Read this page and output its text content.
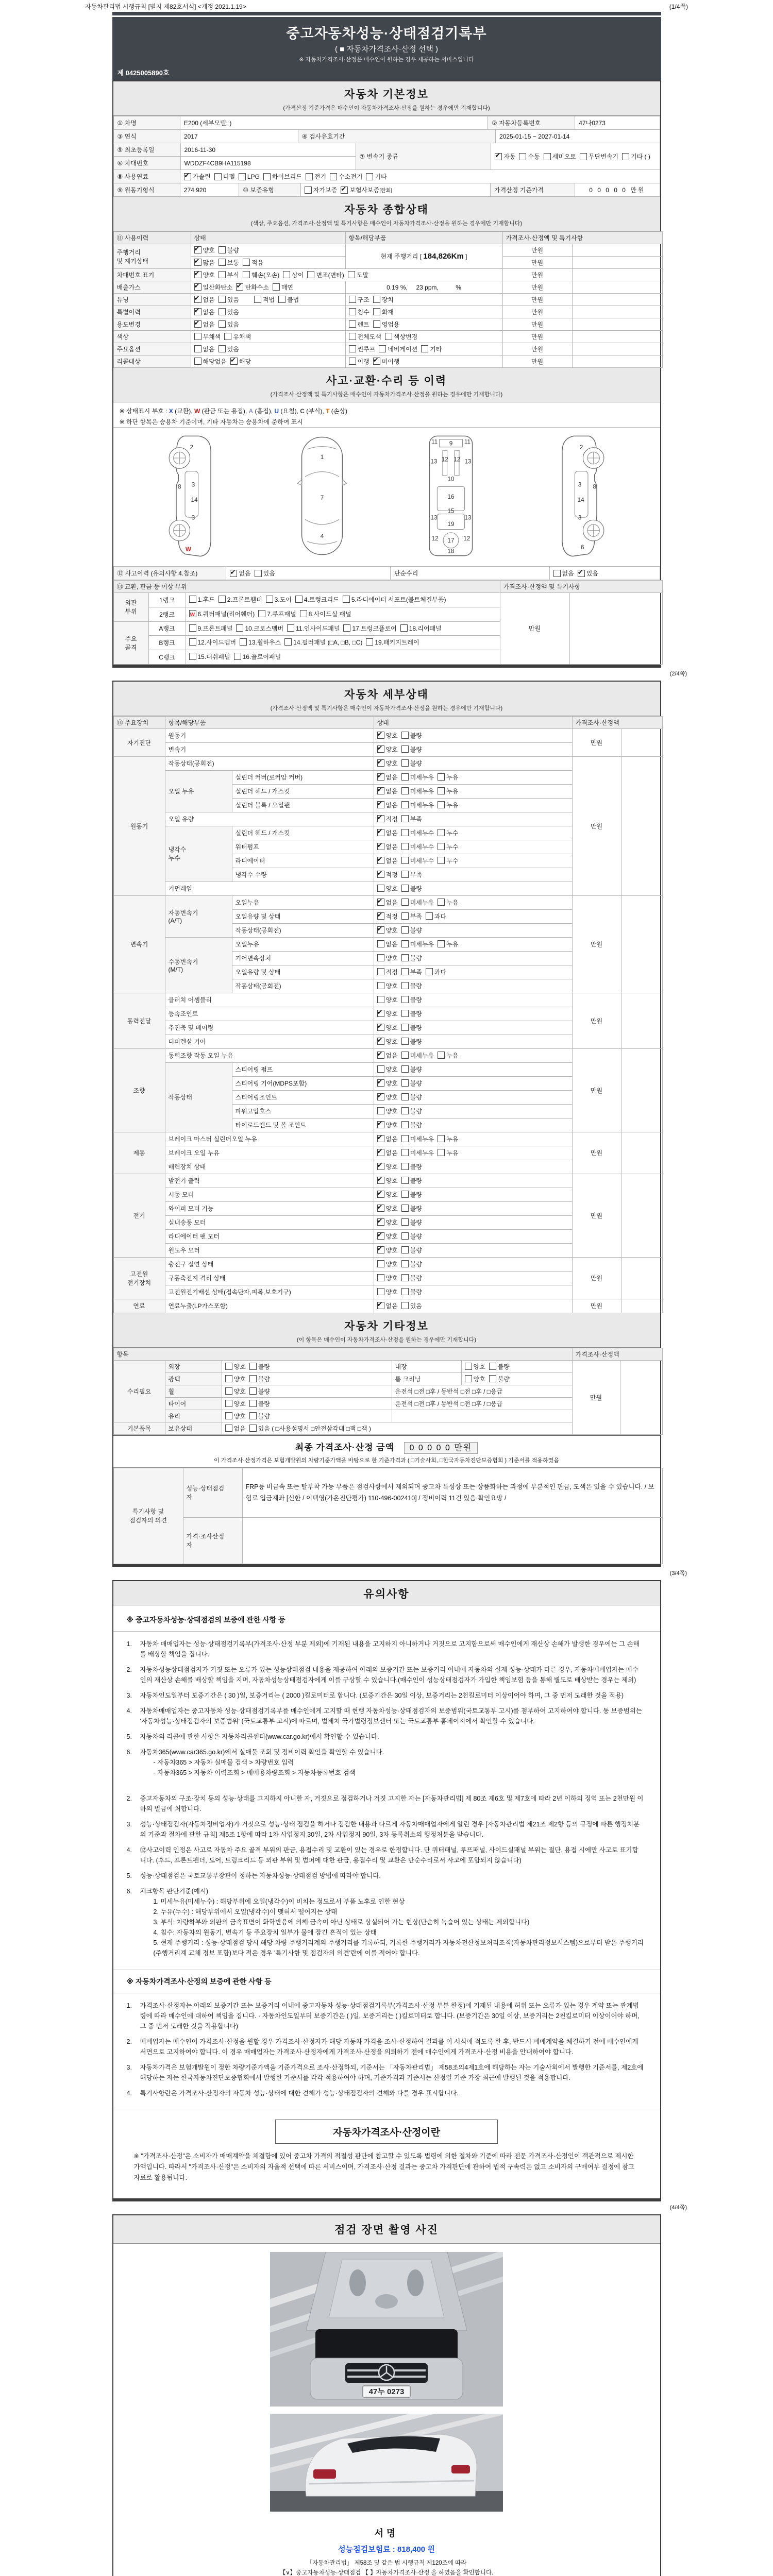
자동차관리법 시행규칙 [별지 제82호서식] <개정 2021.1.19>	(1/4쪽)
중고자동차성능·상태점검기록부
( ■ 자동차가격조사·산정 선택 )
※ 자동차가격조사·산정은 매수인이 원하는 경우 제공하는 서비스입니다
제 0425005890호
자동차 기본정보
(가격산정 기준가격은 매수인이 자동차가격조사·산정을 원하는 경우에만 기재합니다)
① 차명	E200 (세부모델: )	② 자동차등록번호	47나0273
③ 연식	2017	④ 검사유효기간	2025-01-15 ~ 2027-01-14
⑤ 최초등록일	2016-11-30
⑥ 차대번호	WDDZF4CB9HA115198
⑦ 변속기 종류 ✔	자동 수동 세미오토 무단변속기 기타 ( )
⑧ 사용연료 ✔	가솔린 디젤 LPG 하이브리드 전기 수소전기 기타
⑨ 원동기형식	274 920	⑩ 보증유형	자가보증 ✔ 보험사보증 [한회]	가격산정 기준가격	0 0 0 0 0 만원
자동차 종합상태
(색상, 주요옵션, 가격조사·산정액 및 특기사항은 매수인이 자동차가격조사·산정을 원하는 경우에만 기재합니다)
⑪ 사용이력	상태	항목/해당부품	가격조사·산정액 및 특기사항	
주행거리
및 계기상태	✔양호 불량	현재 주행거리 [ 184,826Km ]	만원	
✔많음 보통 적음		만원	
차대번호 표기	✔양호 부식 훼손(오손) 상이 변조(변타) 도말		만원	
배출가스	✔일산화탄소 ✔ 탄화수소 매연	0.19 %,     23 ppm,          %	만원	
튜닝	✔없음 있음 적법 불법	구조 장치	만원	
특별이력	✔없음 있음	침수 화재	만원	
용도변경	✔없음 있음	렌트 영업용	만원	
색상	무채색 유채색	전체도색 색상변경	만원	
주요옵션	없음 있음	썬루프 네비게이션 기타	만원	
리콜대상	해당없음 ✔ 해당	이행 ✔ 미이행	만원	
사고·교환·수리 등 이력
(가격조사·산정액 및 특기사항은 매수인이 자동차가격조사·산정을 원하는 경우에만 기재합니다)
※ 상태표시 부호 : X (교환), W (판금 또는 용접), A (흠집), U (요철), C (부식), T (손상)
※ 하단 항목은 승용차 기준이며, 기타 자동차는 승용차에 준하여 표시
2
8 3
14
3
W
1
7
4
9
11	11
13	13
12 12
10
16
15
13	13
19
12	12
17
18
2
8
3
14
3
6
⑫ 사고이력 (유의사항 4.참조) ✔	없음 있음	단순수리	없음 ✔ 있음
⑬ 교환, 판금 등 이상 부위			가격조사·산정액 및 특기사항	
외판
부위	1랭크	1.후드 2.프론트휀더 3.도어 4.트렁크리드 5.라디에이터 서포트(볼트체결부품)	만원	
	2랭크	W6.쿼터패널(리어휀더) 7.루프패널 8.사이드실 패널
주요
골격	A랭크	9.프론트패널 10.크로스멤버 11.인사이드패널 17.트렁크플로어 18.리어패널		
	B랭크	12.사이드멤버 13.휠하우스 14.필러패널 (□A, □B, □C) 19.패키지트레이		
	C랭크	15.대쉬패널 16.플로어패널		
(2/4쪽)
자동차 세부상태
(가격조사·산정액 및 특기사항은 매수인이 자동차가격조사·산정을 원하는 경우에만 기재합니다)
⑭ 주요장치	항목/해당부품		상태	가격조사·산정액	
자기진단	원동기	✔양호 불량	만원	
	변속기	✔양호 불량
원동기	작동상태(공회전)	✔양호 불량	만원	
	오일 누유	실린더 커버(로커암 커버)	✔없음 미세누유 누유
		실린더 헤드 / 개스킷	✔없음 미세누유 누유
		실린더 블록 / 오일팬	✔없음 미세누유 누유
	오일 유량	✔적정 부족
	냉각수
누수	실린더 헤드 / 개스킷	✔없음 미세누수 누수
		워터펌프	✔없음 미세누수 누수
		라디에이터	✔없음 미세누수 누수
		냉각수 수량	✔적정 부족
	커먼레일		양호 불량		
변속기	자동변속기
(A/T)	오일누유	✔없음 미세누유 누유	만원	
		오일유량 및 상태	✔적정 부족 과다
		작동상태(공회전)	✔양호 불량
	수동변속기
(M/T)	오일누유	없음 미세누유 누유		
		기어변속장치	양호 불량		
		오일유량 및 상태	적정 부족 과다		
		작동상태(공회전)	양호 불량		
동력전달	클러치 어셈블리		양호 불량	만원	
	등속조인트	✔양호 불량
	추진축 및 베어링	✔양호 불량
	디퍼렌셜 기어	✔양호 불량
조향	동력조향 작동 오일 누유	✔없음 미세누유 누유	만원	
	작동상태	스티어링 펌프	양호 불량		
		스티어링 기어(MDPS포함)	✔양호 불량
		스티어링조인트	✔양호 불량
		파워고압호스	양호 불량		
		타이로드엔드 및 볼 조인트	✔양호 불량
제동	브레이크 마스터 실린더오일 누유	✔없음 미세누유 누유	만원	
	브레이크 오일 누유	✔없음 미세누유 누유
	배력장치 상태	✔양호 불량
전기	발전기 출력	✔양호 불량	만원	
	시동 모터	✔양호 불량
	와이퍼 모터 기능	✔양호 불량
	실내송풍 모터	✔양호 불량
	라디에이터 팬 모터	✔양호 불량
	윈도우 모터	✔양호 불량
고전원
전기장치	충전구 절연 상태		양호 불량	만원	
	구동축전지 격리 상태		양호 불량		
	고전원전기배선 상태(접속단자,피복,보호기구)		양호 불량		
연료	연료누출(LP가스포함)	✔없음 있음	만원	
자동차 기타정보
(이 항목은 매수인이 자동차가격조사·산정을 원하는 경우에만 기재합니다)
항목					가격조사·산정액	
수리필요	외장	양호 불량	내장	양호 불량	만원	
	광택	양호 불량	룸 크리닝	양호 불량		
	휠	양호 불량	운전석 □전 □후 / 동반석 □전 □후 / □응급			
	타이어	양호 불량	운전석 □전 □후 / 동반석 □전 □후 / □응급			
	유리	양호 불량				
기본품목	보유상태	없음 있음 ( □사용설명서 □안전삼각대 □잭 □잭 )				
최종 가격조사·산정 금액 0 0 0 0 0 만원
이 가격조사·산정가격은 보험개발원의 차량기준가액을 바탕으로 한 기준가격과 ( □기술사회, □한국자동차진단보증협회 ) 기준서를 적용하였음
특기사항 및
점검자의 의견	성능·상태점검
자	FRP등 비금속 또는 탈부착 가능 부품은 점검사항에서 제외되며 중고차 특성상 또는 상품화하는 과정에 부분적인 판금, 도색은 있을 수 있습니다. / 보험료 입금계좌 [신한 / 이택영(가온진단평가) 110-496-002410] / 정비이력 11건 있음 확인요망 /
	가격·조사산정
자	
(3/4쪽)
유의사항
※ 중고자동차성능·상태점검의 보증에 관한 사항 등
1.	자동차 매매업자는 성능·상태점검기록부(가격조사·산정 부분 제외)에 기재된 내용을 고지하지 아니하거나 거짓으로 고지함으로써 매수인에게 재산상 손해가 발생한 경우에는 그 손해를 배상할 책임을 집니다.
2.	자동차성능상태점검자가 거짓 또는 오류가 있는 성능상태점검 내용을 제공하여 아래의 보증기간 또는 보증거리 이내에 자동차의 실제 성능·상태가 다른 경우, 자동차매매업자는 매수인의 재산상 손해를 배상할 책임을 지며, 자동차성능상태점검자에게 이를 구상할 수 있습니다.(매수인이 성능상태점검자가 가입한 책임보험 등을 통해 별도로 배상받는 경우는 제외)
3.	자동차인도일부터 보증기간은 ( 30 )일, 보증거리는 ( 2000 )킬로미터로 합니다. (보증기간은 30일 이상, 보증거리는 2천킬로미터 이상이어야 하며, 그 중 먼저 도래한 것을 적용)
4.	자동차매매업자는 중고자동차 성능·상태점검기록부를 매수인에게 고지할 때 현행 자동차성능·상태점검자의 보증범위(국토교통부 고시)를 첨부하여 고지하여야 합니다. 동 보증범위는 '자동차성능·상태점검자의 보증범위' (국토교통부 고시)에 따르며, 법제처 국가법령정보센터 또는 국토교통부 홈페이지에서 확인할 수 있습니다.
5.	자동차의 리콜에 관한 사항은 자동차리콜센터(www.car.go.kr)에서 확인할 수 있습니다.
6.	자동차365(www.car365.go.kr)에서 실매물 조회 및 정비이력 확인을 확인할 수 있습니다.
- 자동차365 > 자동차 실매물 검색 > 차량번호 입력
- 자동차365 > 자동차 이력조회 > 매매용차량조회 > 자동차등록번호 검색
2.	중고자동차의 구조·장치 등의 성능·상태를 고지하지 아니한 자, 거짓으로 점검하거나 거짓 고지한 자는 [자동차관리법] 제 80조 제6호 및 제7호에 따라 2년 이하의 징역 또는 2천만원 이하의 벌금에 처합니다.
3.	성능·상태점검자(자동차정비업자)가 거짓으로 성능·상태 점검을 하거나 점검한 내용과 다르게 자동차매매업자에게 알린 경우 [자동차관리법 제21조 제2항 등의 규정에 따른 행정처분의 기준과 절차에 관한 규칙] 제5조 1항에 따라 1차 사업정지 30일, 2차 사업정지 90일, 3차 등록취소의 행정처분을 받습니다.
4.	⑫사고이력 인정은 사고로 자동차 주요 골격 부위의 판금, 용접수리 및 교환이 있는 경우로 한정합니다. 단 쿼터패널, 루프패널, 사이드실패널 부위는 절단, 용접 시에만 사고로 표기합니다. (후드, 프론트펜더, 도어, 트렁크리드 등 외판 부위 및 범퍼에 대한 판금, 용접수리 및 교환은 단순수리로서 사고에 포함되지 않습니다)
5.	성능·상태점검은 국토교통부장관이 정하는 자동차성능·상태점검 방법에 따라야 합니다.
6.	체크항목 판단기준(예시)
1. 미세누유(미세누수) : 해당부위에 오일(냉각수)이 비치는 정도로서 부품 노후로 인한 현상
2. 누유(누수) : 해당부위에서 오일(냉각수)이 맺혀서 떨어지는 상태
3. 부식: 차량하부와 외판의 금속표면이 화학반응에 의해 금속이 아닌 상태로 상실되어 가는 현상(단순히 녹슬어 있는 상태는 제외합니다)
4. 침수: 자동차의 원동기, 변속기 등 주요장치 일부가 물에 잠긴 흔적이 있는 상태
5. 현재 주행거리 : 성능·상태점검 당시 해당 차량 주행거리계의 주행거리를 기록하되, 기록한 주행거리가 자동차전산정보처리조직(자동차관리정보시스템)으로부터 받은 주행거리(주행거리계 교체 정보 포함)보다 적은 경우 '특기사항 및 점검자의 의견'란에 이를 적어야 합니다.
※ 자동차가격조사·산정의 보증에 관한 사항 등
1.	가격조사·산정자는 아래의 보증기간 또는 보증거리 이내에 중고자동차 성능·상태점검기록부(가격조사·산정 부분 한정)에 기재된 내용에 허위 또는 오류가 있는 경우 계약 또는 관계법령에 따라 매수인에 대하여 책임을 집니다. · 자동차인도일부터 보증기간은 ( )일, 보증거리는 ( )킬로미터로 합니다. (보증기간은 30일 이상, 보증거리는 2천킬로미터 이상이어야 하며, 그 중 먼저 도래한 것을 적용합니다)
2.	매매업자는 매수인이 가격조사·산정을 원할 경우 가격조사·산정자가 해당 자동차 가격을 조사·산정하여 결과를 이 서식에 적도록 한 후, 반드시 매매계약을 체결하기 전에 매수인에게 서면으로 고지하여야 합니다. 이 경우 매매업자는 가격조사·산정자에게 가격조사·산정을 의뢰하기 전에 매수인에게 가격조사·산정 비용을 안내하여야 합니다.
3.	자동차가격은 보험개발원이 정한 차량기준가액을 기준가격으로 조사·산정하되, 기준서는 「자동차관리법」 제58조의4제1호에 해당하는 자는 기술사회에서 발행한 기준서를, 제2호에 해당하는 자는 한국자동차진단보증협회에서 발행한 기준서를 각각 적용하여야 하며, 기준가격과 기준서는 산정일 기준 가장 최근에 발행된 것을 적용합니다.
4.	특기사항란은 가격조사·산정자의 자동차 성능·상태에 대한 견해가 성능·상태점검자의 견해와 다를 경우 표시합니다.
자동차가격조사·산정이란
※ "가격조사·산정"은 소비자가 매매계약을 체결함에 있어 중고차 가격의 적절성 판단에 참고할 수 있도록 법령에 의한 절차와 기준에 따라 전문 가격조사·산정인이 객관적으로 제시한 가액입니다. 따라서 "가격조사·산정"은 소비자의 자율적 선택에 따른 서비스이며, 가격조사·산정 결과는 중고차 가격판단에 관하여 법적 구속력은 없고 소비자의 구매여부 결정에 참고자료로 활용됩니다.
(4/4쪽)
점검 장면 촬영 사진
47누 0273
서명
성능점검보험료 : 818,400 원
「자동차관리법」 제58조 및 같은 법 시행규칙 제120조에 따라
【∨】중고자동차성능·상태점검 【 】자동차가격조사·산정 을 하였음을 확인합니다.
